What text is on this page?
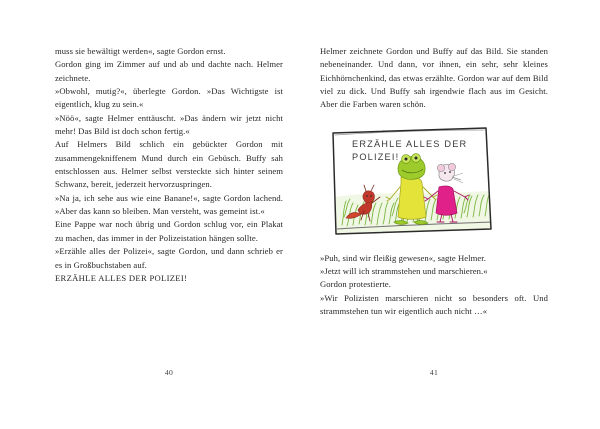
muss sie bewältigt werden«, sagte Gordon ernst.

Gordon ging im Zimmer auf und ab und dachte nach. Helmer zeichnete.

»Obwohl, mutig?«, überlegte Gordon. »Das Wichtigste ist eigentlich, klug zu sein.«

»Nöö«, sagte Helmer enttäuscht. »Das ändern wir jetzt nicht mehr! Das Bild ist doch schon fertig.«

Auf Helmers Bild schlich ein gebückter Gordon mit zusammengekniffenem Mund durch ein Gebüsch. Buffy sah entschlossen aus. Helmer selbst versteckte sich hinter seinem Schwanz, bereit, jederzeit hervorzuspringen.

»Na ja, ich sehe aus wie eine Banane!«, sagte Gordon lachend. »Aber das kann so bleiben. Man versteht, was gemeint ist.«

Eine Pappe war noch übrig und Gordon schlug vor, ein Plakat zu machen, das immer in der Polizeistation hängen sollte.

»Erzähle alles der Polizei«, sagte Gordon, und dann schrieb er es in Großbuchstaben auf.

ERZÄHLE ALLES DER POLIZEI!

40

Helmer zeichnete Gordon und Buffy auf das Bild. Sie standen nebeneinander. Und dann, vor ihnen, ein sehr, sehr kleines Eichhörnchenkind, das etwas erzählte. Gordon war auf dem Bild viel zu dick. Und Buffy sah irgendwie flach aus im Gesicht. Aber die Farben waren schön.

ERZÄHLE ALLES DER
POLIZEI!

»Puh, sind wir fleißig gewesen«, sagte Helmer.

»Jetzt will ich strammstehen und marschieren.«

Gordon protestierte.

»Wir Polizisten marschieren nicht so besonders oft. Und strammstehen tun wir eigentlich auch nicht …«

41
